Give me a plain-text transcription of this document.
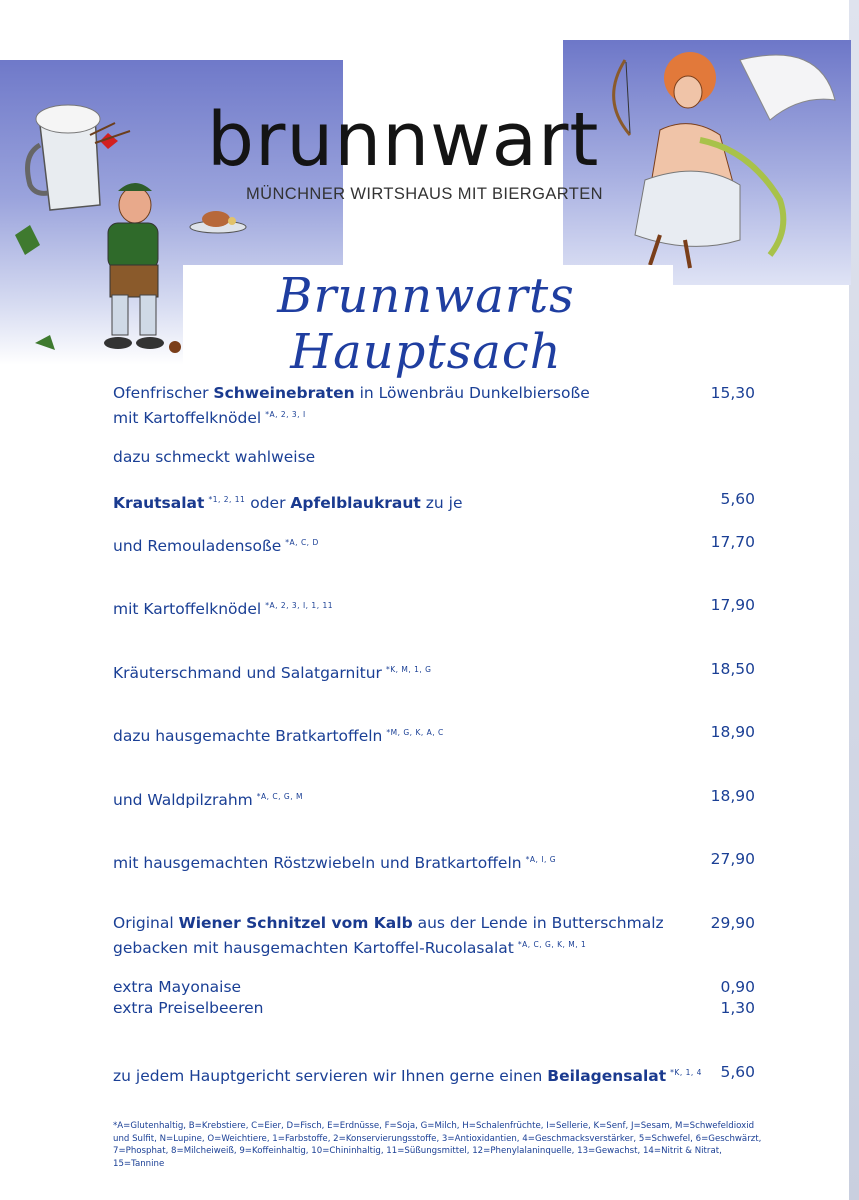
brunnwart
MÜNCHNER WIRTSHAUS MIT BIERGARTEN
Brunnwarts Hauptsach
Ofenfrischer Schweinebraten in Löwenbräu Dunkelbiersoße
mit Kartoffelknödel $^{*A, 2, 3, I}$
15,30
dazu schmeckt wahlweise
Krautsalat $^{*1, 2, 11}$ oder Apfelblaukraut zu je	5,60
und Remouladensoße $^{*A, C, D}$	17,70
mit Kartoffelknödel $^{*A, 2, 3, I, 1, 11}$	17,90
Kräuterschmand und Salatgarnitur $^{*K, M, 1, G}$	18,50
dazu hausgemachte Bratkartoffeln $^{*M, G, K, A, C}$	18,90
und Waldpilzrahm $^{*A, C, G, M}$	18,90
mit hausgemachten Röstzwiebeln und Bratkartoffeln $^{*A, I, G}$	27,90
Original Wiener Schnitzel vom Kalb aus der Lende in Butterschmalz
gebacken mit hausgemachten Kartoffel-Rucolasalat $^{*A, C, G, K, M, 1}$
29,90
extra Mayonaise	0,90
extra Preiselbeeren	1,30
zu jedem Hauptgericht servieren wir Ihnen gerne einen Beilagensalat $^{*K, 1, 4}$	5,60
*A=Glutenhaltig, B=Krebstiere, C=Eier, D=Fisch, E=Erdnüsse, F=Soja, G=Milch, H=Schalenfrüchte, I=Sellerie, K=Senf, J=Sesam, M=Schwefeldioxid
und Sulfit, N=Lupine, O=Weichtiere, 1=Farbstoffe, 2=Konservierungsstoffe, 3=Antioxidantien, 4=Geschmacksverstärker, 5=Schwefel, 6=Geschwärzt,
7=Phosphat, 8=Milcheiweiß, 9=Koffeinhaltig, 10=Chininhaltig, 11=Süßungsmittel, 12=Phenylalaninquelle, 13=Gewachst, 14=Nitrit & Nitrat, 15=Tannine
